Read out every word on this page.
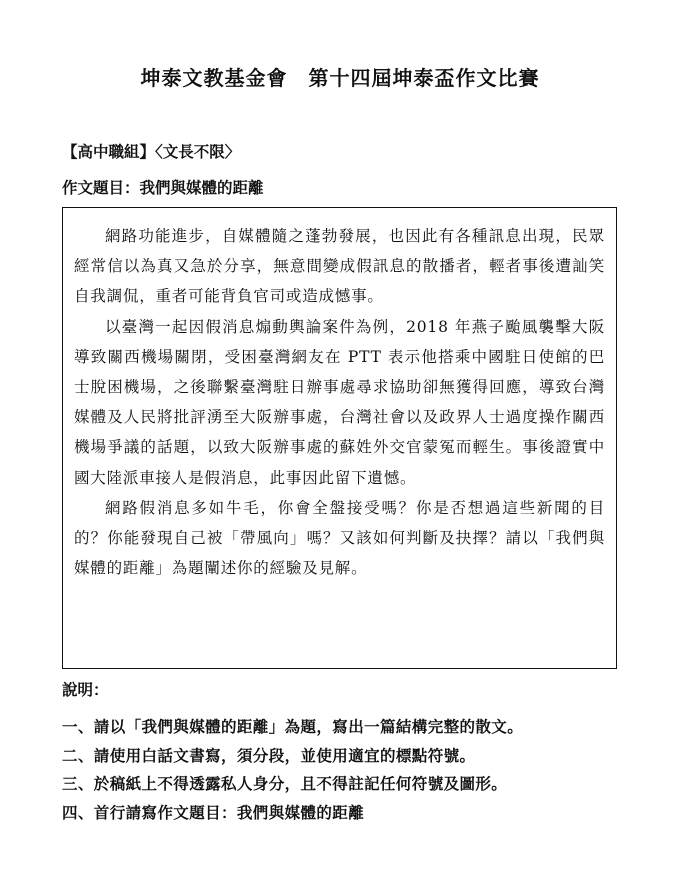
坤泰文教基金會　第十四屆坤泰盃作文比賽
【高中職組】〈文長不限〉
作文題目：我們與媒體的距離

網路功能進步，自媒體隨之蓬勃發展，也因此有各種訊息出現，民眾經常信以為真又急於分享，無意間變成假訊息的散播者，輕者事後遭訕笑自我調侃，重者可能背負官司或造成憾事。

以臺灣一起因假消息煽動輿論案件為例，2018 年燕子颱風襲擊大阪導致關西機場關閉，受困臺灣網友在 PTT 表示他搭乘中國駐日使館的巴士脫困機場，之後聯繫臺灣駐日辦事處尋求協助卻無獲得回應，導致台灣媒體及人民將批評湧至大阪辦事處，台灣社會以及政界人士過度操作關西機場爭議的話題，以致大阪辦事處的蘇姓外交官蒙冤而輕生。事後證實中國大陸派車接人是假消息，此事因此留下遺憾。

網路假消息多如牛毛，你會全盤接受嗎？你是否想過這些新聞的目的？你能發現自己被「帶風向」嗎？又該如何判斷及抉擇？請以「我們與媒體的距離」為題闡述你的經驗及見解。

說明：
一、請以「我們與媒體的距離」為題，寫出一篇結構完整的散文。
二、請使用白話文書寫，須分段，並使用適宜的標點符號。
三、於稿紙上不得透露私人身分，且不得註記任何符號及圖形。
四、首行請寫作文題目：我們與媒體的距離
